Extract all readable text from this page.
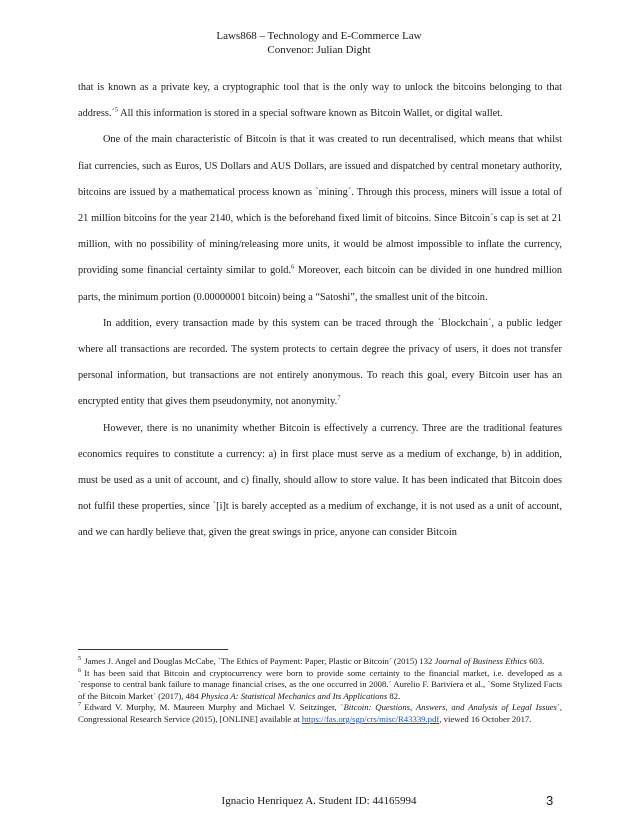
Laws868 – Technology and E-Commerce Law
Convenor: Julian Dight

that is known as a private key, a cryptographic tool that is the only way to unlock the bitcoins belonging to that address.´$^5$ All this information is stored in a special software known as Bitcoin Wallet, or digital wallet.

One of the main characteristic of Bitcoin is that it was created to run decentralised, which means that whilst fiat currencies, such as Euros, US Dollars and AUS Dollars, are issued and dispatched by central monetary authority, bitcoins are issued by a mathematical process known as `mining´. Through this process, miners will issue a total of 21 million bitcoins for the year 2140, which is the beforehand fixed limit of bitcoins. Since Bitcoin´s cap is set at 21 million, with no possibility of mining/releasing more units, it would be almost impossible to inflate the currency, providing some financial certainty similar to gold.$^6$ Moreover, each bitcoin can be divided in one hundred million parts, the minimum portion (0.00000001 bitcoin) being a “Satoshi”, the smallest unit of the bitcoin.

In addition, every transaction made by this system can be traced through the `Blockchain´, a public ledger where all transactions are recorded. The system protects to certain degree the privacy of users, it does not transfer personal information, but transactions are not entirely anonymous. To reach this goal, every Bitcoin user has an encrypted entity that gives them pseudonymity, not anonymity.$^7$

However, there is no unanimity whether Bitcoin is effectively a currency. Three are the traditional features economics requires to constitute a currency: a) in first place must serve as a medium of exchange, b) in addition, must be used as a unit of account, and c) finally, should allow to store value. It has been indicated that Bitcoin does not fulfil these properties, since `[i]t is barely accepted as a medium of exchange, it is not used as a unit of account, and we can hardly believe that, given the great swings in price, anyone can consider Bitcoin

$^5$ James J. Angel and Douglas McCabe, `The Ethics of Payment: Paper, Plastic or Bitcoin´ (2015) 132 Journal of Business Ethics 603.

$^6$ It has been said that Bitcoin and cryptocurrency were born to provide some certainty to the financial market, i.e. developed as a `response to central bank failure to manage financial crises, as the one occurred in 2008.´ Aurelio F. Bariviera et al., `Some Stylized Facts of the Bitcoin Market´ (2017), 484 Physica A: Statistical Mechanics and Its Applications 82.

$^7$ Edward V. Murphy, M. Maureen Murphy and Michael V. Seitzinger, `Bitcoin: Questions, Answers, and Analysis of Legal Issues´, Congressional Research Service (2015), [ONLINE] available at https://fas.org/sgp/crs/misc/R43339.pdf, viewed 16 October 2017.

Ignacio Henriquez A. Student ID: 44165994	3
